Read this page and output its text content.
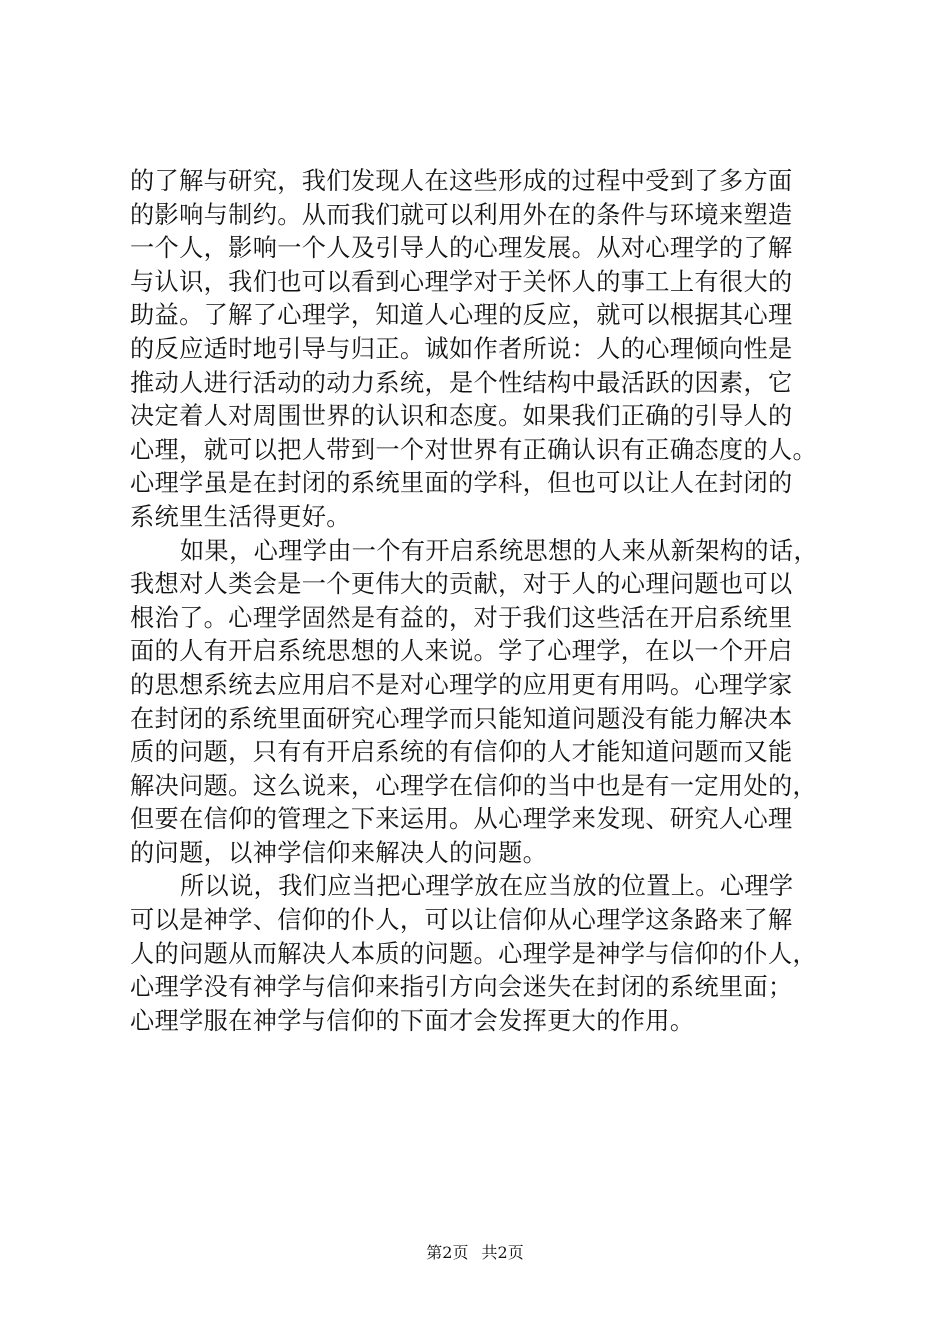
的了解与研究，我们发现人在这些形成的过程中受到了多方面
的影响与制约。从而我们就可以利用外在的条件与环境来塑造
一个人，影响一个人及引导人的心理发展。从对心理学的了解
与认识，我们也可以看到心理学对于关怀人的事工上有很大的
助益。了解了心理学，知道人心理的反应，就可以根据其心理
的反应适时地引导与归正。诚如作者所说：人的心理倾向性是
推动人进行活动的动力系统，是个性结构中最活跃的因素，它
决定着人对周围世界的认识和态度。如果我们正确的引导人的
心理，就可以把人带到一个对世界有正确认识有正确态度的人。
心理学虽是在封闭的系统里面的学科，但也可以让人在封闭的
系统里生活得更好。
如果，心理学由一个有开启系统思想的人来从新架构的话，
我想对人类会是一个更伟大的贡献，对于人的心理问题也可以
根治了。心理学固然是有益的，对于我们这些活在开启系统里
面的人有开启系统思想的人来说。学了心理学，在以一个开启
的思想系统去应用启不是对心理学的应用更有用吗。心理学家
在封闭的系统里面研究心理学而只能知道问题没有能力解决本
质的问题，只有有开启系统的有信仰的人才能知道问题而又能
解决问题。这么说来，心理学在信仰的当中也是有一定用处的，
但要在信仰的管理之下来运用。从心理学来发现、研究人心理
的问题，以神学信仰来解决人的问题。
所以说，我们应当把心理学放在应当放的位置上。心理学
可以是神学、信仰的仆人，可以让信仰从心理学这条路来了解
人的问题从而解决人本质的问题。心理学是神学与信仰的仆人，
心理学没有神学与信仰来指引方向会迷失在封闭的系统里面；
心理学服在神学与信仰的下面才会发挥更大的作用。
第2页 共2页
